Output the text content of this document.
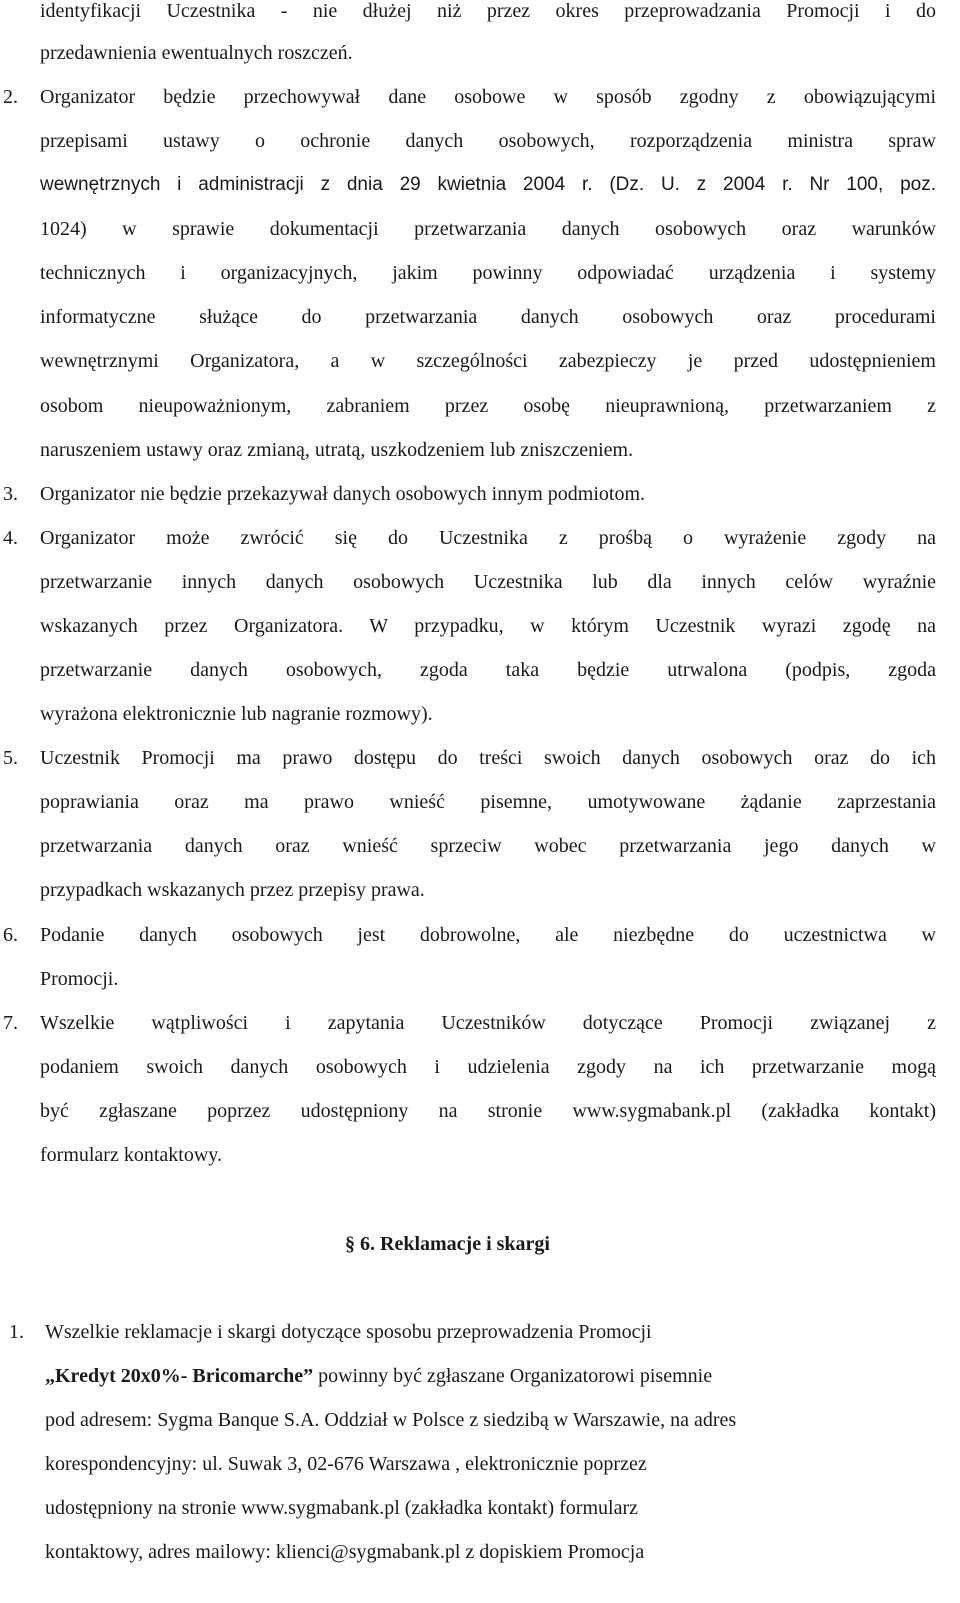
identyfikacji Uczestnika - nie dłużej niż przez okres przeprowadzania Promocji i do
przedawnienia ewentualnych roszczeń.
2. Organizator będzie przechowywał dane osobowe w sposób zgodny z obowiązującymi
przepisami ustawy o ochronie danych osobowych, rozporządzenia ministra spraw
wewnętrznych i administracji z dnia 29 kwietnia 2004 r. (Dz. U. z 2004 r. Nr 100, poz.
1024) w sprawie dokumentacji przetwarzania danych osobowych oraz warunków
technicznych i organizacyjnych, jakim powinny odpowiadać urządzenia i systemy
informatyczne służące do przetwarzania danych osobowych oraz procedurami
wewnętrznymi Organizatora, a w szczególności zabezpieczy je przed udostępnieniem
osobom nieupoważnionym, zabraniem przez osobę nieuprawnioną, przetwarzaniem z
naruszeniem ustawy oraz zmianą, utratą, uszkodzeniem lub zniszczeniem.
3. Organizator nie będzie przekazywał danych osobowych innym podmiotom.
4. Organizator może zwrócić się do Uczestnika z prośbą o wyrażenie zgody na
przetwarzanie innych danych osobowych Uczestnika lub dla innych celów wyraźnie
wskazanych przez Organizatora. W przypadku, w którym Uczestnik wyrazi zgodę na
przetwarzanie danych osobowych, zgoda taka będzie utrwalona (podpis, zgoda
wyrażona elektronicznie lub nagranie rozmowy).
5. Uczestnik Promocji ma prawo dostępu do treści swoich danych osobowych oraz do ich
poprawiania oraz ma prawo wnieść pisemne, umotywowane żądanie zaprzestania
przetwarzania danych oraz wnieść sprzeciw wobec przetwarzania jego danych w
przypadkach wskazanych przez przepisy prawa.
6. Podanie danych osobowych jest dobrowolne, ale niezbędne do uczestnictwa w
Promocji.
7. Wszelkie wątpliwości i zapytania Uczestników dotyczące Promocji związanej z
podaniem swoich danych osobowych i udzielenia zgody na ich przetwarzanie mogą
być zgłaszane poprzez udostępniony na stronie www.sygmabank.pl (zakładka kontakt)
formularz kontaktowy.
§ 6. Reklamacje i skargi
1. Wszelkie reklamacje i skargi dotyczące sposobu przeprowadzenia Promocji
„Kredyt 20x0%- Bricomarche” powinny być zgłaszane Organizatorowi pisemnie
pod adresem: Sygma Banque S.A. Oddział w Polsce z siedzibą w Warszawie, na adres
korespondencyjny: ul. Suwak 3, 02-676 Warszawa , elektronicznie poprzez
udostępniony na stronie www.sygmabank.pl (zakładka kontakt) formularz
kontaktowy, adres mailowy: klienci@sygmabank.pl z dopiskiem Promocja
